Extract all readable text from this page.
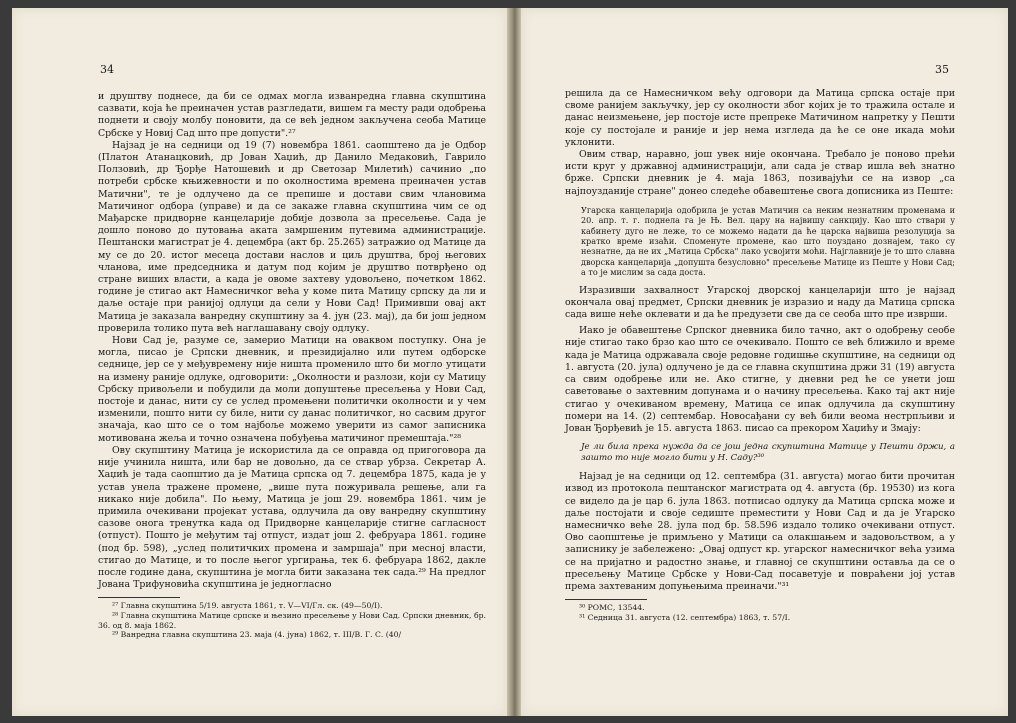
34

и друштву поднесе, да би се одмах могла изванредна главна скупштина сазвати, која ће преиначен устав разгледати, вишем га месту ради одобрења поднети и своју молбу поновити, да се већ једном закључена сеоба Матице Србске у Новиј Сад што пре допусти".²⁷

Најзад је на седници од 19 (7) новембра 1861. саопштено да је Одбор (Платон Атанацковић, др Јован Хаџић, др Данило Медаковић, Гаврило Ползовић, др Ђорђе Натошевић и др Светозар Милетић) сачинио „по потреби србске књижевности и по околностима времена преиначен устав Матични", те је одлучено да се препише и достави свим члановима Матичиног одбора (управе) и да се закаже главна скупштина чим се од Мађарске придворне канцеларије добије дозвола за пресељење. Сада је дошло поново до путовања аката замршеним путевима администрације. Пештански магистрат је 4. децембра (акт бр. 25.265) затражио од Матице да му се до 20. истог месеца достави наслов и циљ друштва, број његових чланова, име председника и датум под којим је друштво потврђено од стране виших власти, а када је овоме захтеву удовољено, почетком 1862. године је стигао акт Намесничког већа у коме пита Матицу српску да ли и даље остаје при ранијој одлуци да сели у Нови Сад! Примивши овај акт Матица је заказала ванредну скупштину за 4. јун (23. мај), да би још једном проверила толико пута већ наглашавану своју одлуку.

Нови Сад је, разуме се, замерио Матици на оваквом поступку. Она је могла, писао је Српски дневник, и президијално или путем одборске седнице, јер се у међувремену није ништа променило што би могло утицати на измену раније одлуке, одговорити: „Околности и разлози, који су Матицу Србску привољели и побудили да моли допуштење пресељења у Нови Сад, постоје и данас, нити су се услед промењени политички околности и у чем изменили, пошто нити су биле, нити су данас политичког, но сасвим другог значаја, као што се о том најбоље можемо уверити из самог записника мотивована жеља и точно означена побуђења матичиног премештаја."²⁸

Ову скупштину Матица је искористила да се оправда од пригоговора да није учинила ништа, или бар не довољно, да се ствар убрза. Секретар А. Хаџић је тада саопштио да је Матица српска од 7. децембра 1875, када је у устав унела тражене промене, „више пута пожуривала решење, али га никако није добила". По њему, Матица је још 29. новембра 1861. чим је примила очекивани пројекат устава, одлучила да ову ванредну скупштину сазове онога тренутка када од Придворне канцеларије стигне сагласност (отпуст). Пошто је међутим тај отпуст, издат још 2. фебруара 1861. године (под бр. 598), „услед политичких промена и замршаја" при месној власти, стигао до Матице, и то после његог ургирања, тек 6. фебруара 1862, дакле после године дана, скупштина је могла бити заказана тек сада.²⁹ На предлог Јована Трифуновића скупштина је једногласно

²⁷ Главна скупштина 5/19. августа 1861, т. V—VI/Гл. ск. (49—50/I).

²⁸ Главна скупштина Матице српске и њезино пресељење у Нови Сад. Српски дневник, бр. 36. од 8. маја 1862.

²⁹ Ванредна главна скупштина 23. маја (4. јуна) 1862, т. III/В. Г. С. (40/

35

решила да се Намесничком већу одговори да Матица српска остаје при своме ранијем закључку, јер су околности због којих је то тражила остале и данас неизмењене, јер постоје исте препреке Матичином напретку у Пешти које су постојале и раније и јер нема изгледа да ће се оне икада моћи уклонити.

Овим ствар, наравно, још увек није окончана. Требало је поново прећи исти круг у државној администрацији, али сада је ствар ишла већ знатно брже. Српски дневник је 4. маја 1863, позивајући се на извор „са најпоузданије стране" донео следеће обавештење свога дописника из Пеште:

Угарска канцеларија одобрила је устав Матичин са неким незнатним променама и 20. апр. т. г. поднела га је Њ. Вел. цару на највишу санкцију. Као што ствари у кабинету дуго не леже, то се можемо надати да ће царска највиша резолуција за кратко време изаћи. Споменуте промене, као што поуздано дознајем, тако су незнатне, да не их „Матица Србска" лако усвојити моћи. Најглавније је то што славна дворска канцеларија „допушта безусловно" пресељење Матице из Пеште у Нови Сад; а то је мислим за сада доста.

Изразивши захвалност Угарској дворској канцеларији што је најзад окончала овај предмет, Српски дневник је изразио и наду да Матица српска сада више неће оклевати и да ће предузети све да се сеоба што пре изврши.

Иако је обавештење Српског дневника било тачно, акт о одобрењу сеобе није стигао тако брзо као што се очекивало. Пошто се већ ближило и време када је Матица одржавала своје редовне годишње скупштине, на седници од 1. августа (20. јула) одлучено је да се главна скупштина држи 31 (19) августа са свим одобрење или не. Ако стигне, у дневни ред ће се унети још саветовање о захтевним допунама и о начину пресељења. Како тај акт није стигао у очекиваном времену, Матица се ипак одлучила да скупштину помери на 14. (2) септембар. Новосађани су већ били веома нестрпљиви и Јован Ђорђевић је 15. августа 1863. писао са прекором Хаџићу и Змају:

Је ли била прека нужда да се још једна скупштина Матице у Пешти држи, а зашто то није могло бити у Н. Саду?³⁰

Најзад је на седници од 12. септембра (31. августа) могао бити прочитан извод из протокола пештанског магистрата од 4. августа (бр. 19530) из кога се видело да је цар 6. јула 1863. потписао одлуку да Матица српска може и даље постојати и своје седиште преместити у Нови Сад и да је Угарско намесничко веће 28. јула под бр. 58.596 издало толико очекивани отпуст. Ово саопштење је примљено у Матици са олакшањем и задовољством, а у записнику је забележено: „Овај одпуст кр. угарског намесничког већа узима се на пријатно и радостно знање, и главној се скупштини оставља да се о пресељењу Матице Србске у Нови-Сад посаветује и повраћени јој устав према захтеваним допуњењима преиначи."³¹

³⁰ РОМС, 13544.

³¹ Седница 31. августа (12. септембра) 1863, т. 57/I.
